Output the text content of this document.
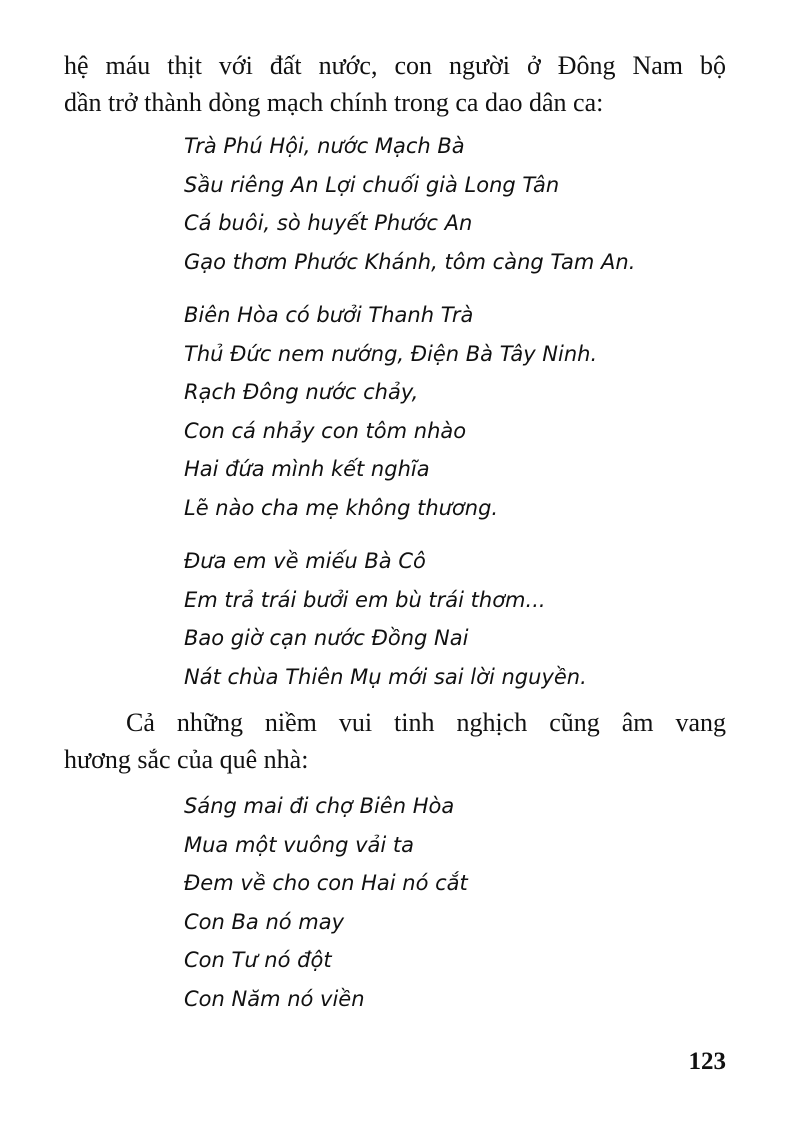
hệ máu thịt với đất nước, con người ở Đông Nam bộ
dần trở thành dòng mạch chính trong ca dao dân ca:

Trà Phú Hội, nước Mạch Bà
Sầu riêng An Lợi chuối già Long Tân
Cá buôi, sò huyết Phước An
Gạo thơm Phước Khánh, tôm càng Tam An.
Biên Hòa có bưởi Thanh Trà
Thủ Đức nem nướng, Điện Bà Tây Ninh.
Rạch Đông nước chảy,
Con cá nhảy con tôm nhào
Hai đứa mình kết nghĩa
Lẽ nào cha mẹ không thương.
Đưa em về miếu Bà Cô
Em trả trái bưởi em bù trái thơm...
Bao giờ cạn nước Đồng Nai
Nát chùa Thiên Mụ mới sai lời nguyền.

Cả những niềm vui tinh nghịch cũng âm vang
hương sắc của quê nhà:

Sáng mai đi chợ Biên Hòa
Mua một vuông vải ta
Đem về cho con Hai nó cắt
Con Ba nó may
Con Tư nó đột
Con Năm nó viền
123
